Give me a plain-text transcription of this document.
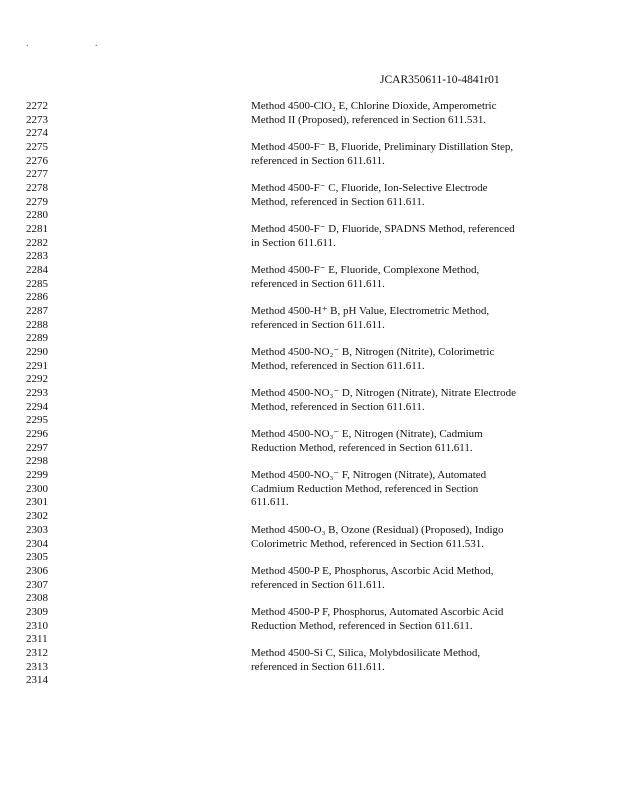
. .
JCAR350611-10-4841r01
2272	Method 4500-ClO₂ E, Chlorine Dioxide, Amperometric
2273	Method II (Proposed), referenced in Section 611.531.
2274
2275	Method 4500-F⁻ B, Fluoride, Preliminary Distillation Step,
2276	referenced in Section 611.611.
2277
2278	Method 4500-F⁻ C, Fluoride, Ion-Selective Electrode
2279	Method, referenced in Section 611.611.
2280
2281	Method 4500-F⁻ D, Fluoride, SPADNS Method, referenced
2282	in Section 611.611.
2283
2284	Method 4500-F⁻ E, Fluoride, Complexone Method,
2285	referenced in Section 611.611.
2286
2287	Method 4500-H⁺ B, pH Value, Electrometric Method,
2288	referenced in Section 611.611.
2289
2290	Method 4500-NO₂⁻ B, Nitrogen (Nitrite), Colorimetric
2291	Method, referenced in Section 611.611.
2292
2293	Method 4500-NO₃⁻ D, Nitrogen (Nitrate), Nitrate Electrode
2294	Method, referenced in Section 611.611.
2295
2296	Method 4500-NO₃⁻ E, Nitrogen (Nitrate), Cadmium
2297	Reduction Method, referenced in Section 611.611.
2298
2299	Method 4500-NO₃⁻ F, Nitrogen (Nitrate), Automated
2300	Cadmium Reduction Method, referenced in Section
2301	611.611.
2302
2303	Method 4500-O₃ B, Ozone (Residual) (Proposed), Indigo
2304	Colorimetric Method, referenced in Section 611.531.
2305
2306	Method 4500-P E, Phosphorus, Ascorbic Acid Method,
2307	referenced in Section 611.611.
2308
2309	Method 4500-P F, Phosphorus, Automated Ascorbic Acid
2310	Reduction Method, referenced in Section 611.611.
2311
2312	Method 4500-Si C, Silica, Molybdosilicate Method,
2313	referenced in Section 611.611.
2314
